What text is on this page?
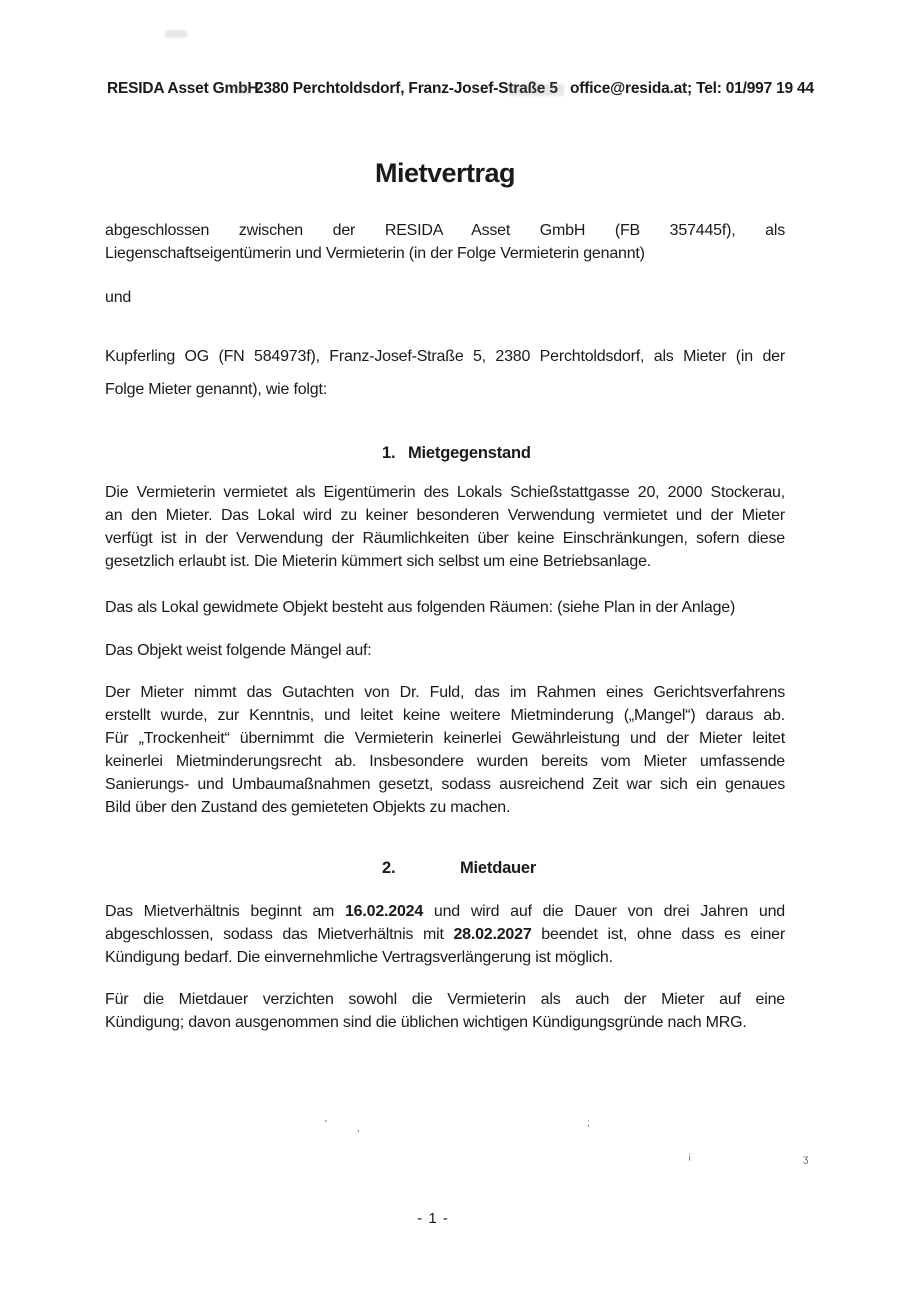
RESIDA Asset GmbH
2380 Perchtoldsdorf, Franz-Josef-Straße 5 office@resida.at; Tel: 01/997 19 44
Mietvertrag
abgeschlossen zwischen der RESIDA Asset GmbH (FB 357445f), als
Liegenschaftseigentümerin und Vermieterin (in der Folge Vermieterin genannt)
und
Kupferling OG (FN 584973f), Franz-Josef-Straße 5, 2380 Perchtoldsdorf, als Mieter (in der
Folge Mieter genannt), wie folgt:
1. Mietgegenstand
Die Vermieterin vermietet als Eigentümerin des Lokals Schießstattgasse 20, 2000 Stockerau,
an den Mieter. Das Lokal wird zu keiner besonderen Verwendung vermietet und der Mieter
verfügt ist in der Verwendung der Räumlichkeiten über keine Einschränkungen, sofern diese
gesetzlich erlaubt ist. Die Mieterin kümmert sich selbst um eine Betriebsanlage.
Das als Lokal gewidmete Objekt besteht aus folgenden Räumen: (siehe Plan in der Anlage)
Das Objekt weist folgende Mängel auf:
Der Mieter nimmt das Gutachten von Dr. Fuld, das im Rahmen eines Gerichtsverfahrens
erstellt wurde, zur Kenntnis, und leitet keine weitere Mietminderung („Mangel“) daraus ab.
Für „Trockenheit“ übernimmt die Vermieterin keinerlei Gewährleistung und der Mieter leitet
keinerlei Mietminderungsrecht ab. Insbesondere wurden bereits vom Mieter umfassende
Sanierungs- und Umbaumaßnahmen gesetzt, sodass ausreichend Zeit war sich ein genaues
Bild über den Zustand des gemieteten Objekts zu machen.
2.	Mietdauer
Das Mietverhältnis beginnt am 16.02.2024 und wird auf die Dauer von drei Jahren und
abgeschlossen, sodass das Mietverhältnis mit 28.02.2027 beendet ist, ohne dass es einer
Kündigung bedarf. Die einvernehmliche Vertragsverlängerung ist möglich.
Für die Mietdauer verzichten sowohl die Vermieterin als auch der Mieter auf eine
Kündigung; davon ausgenommen sind die üblichen wichtigen Kündigungsgründe nach MRG.
'	,	;
¡	ʒ
- 1 -
